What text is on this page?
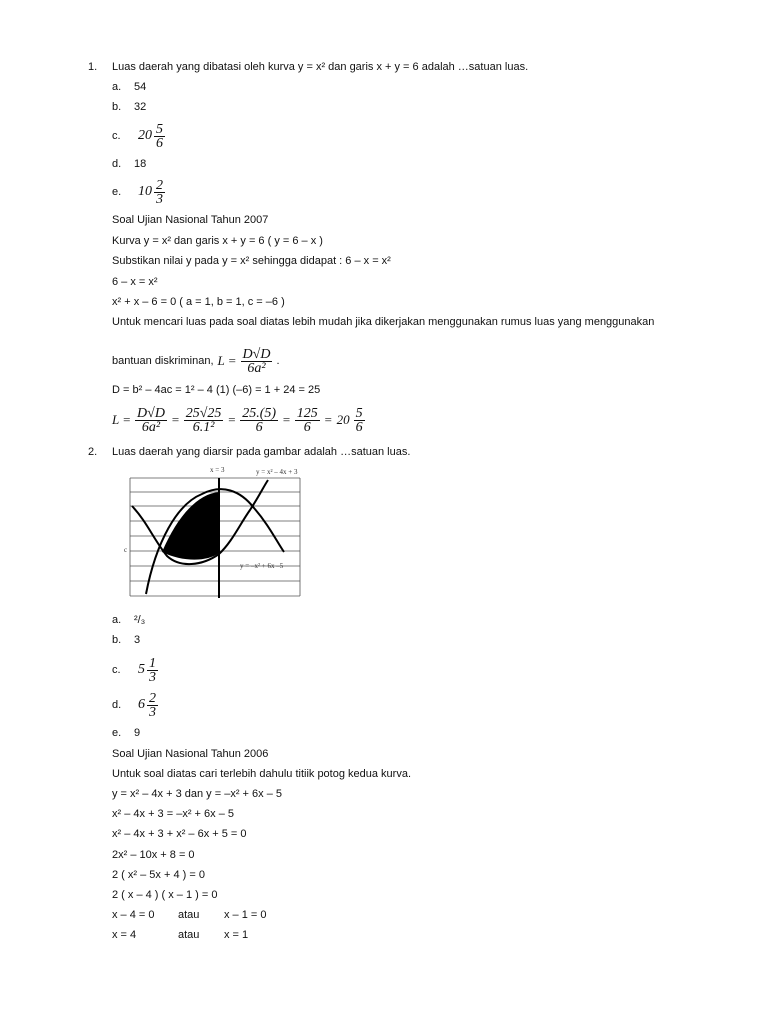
1. Luas daerah yang dibatasi oleh kurva y = x² dan garis x + y = 6 adalah …satuan luas.
a. 54
b. 32
c.	$20 \frac{5}{6}$
d. 18
e.	$10 \frac{2}{3}$
Soal Ujian Nasional Tahun 2007
Kurva y = x² dan garis x + y = 6 ( y = 6 – x )
Substikan nilai y pada y = x² sehingga didapat : 6 – x = x²
6 – x = x²
x² + x – 6 = 0 ( a = 1, b = 1, c = –6 )
Untuk mencari luas pada soal diatas lebih mudah jika dikerjakan menggunakan rumus luas yang menggunakan
bantuan diskriminan, $L = \frac{D√D}{\text{6a²}}$ .
D = b² – 4ac = 1² – 4 (1) (–6) = 1 + 24 = 25
$L = \frac{D√D}{\text{6a²}} = \frac{25√25}{\text{6.1²}} = \frac{25.(5)}{6} = \frac{125}{6} = 20 \frac{5}{6}$
2. Luas daerah yang diarsir pada gambar adalah …satuan luas.
x = 3	y = x² – 4x + 3
y = –x² + 6x –5
c
a. ²/₃
b. 3
c.	$5 \frac{1}{3}$
d.	$6 \frac{2}{3}$
e. 9
Soal Ujian Nasional Tahun 2006
Untuk soal diatas cari terlebih dahulu titiik potog kedua kurva.
y = x² – 4x + 3 dan y = –x² + 6x – 5
x² – 4x + 3 = –x² + 6x – 5
x² – 4x + 3 + x² – 6x + 5 = 0
2x² – 10x + 8 = 0
2 ( x² – 5x + 4 ) = 0
2 ( x – 4 ) ( x – 1 ) = 0
x – 4 = 0 atau x – 1 = 0
x = 4	atau x = 1
